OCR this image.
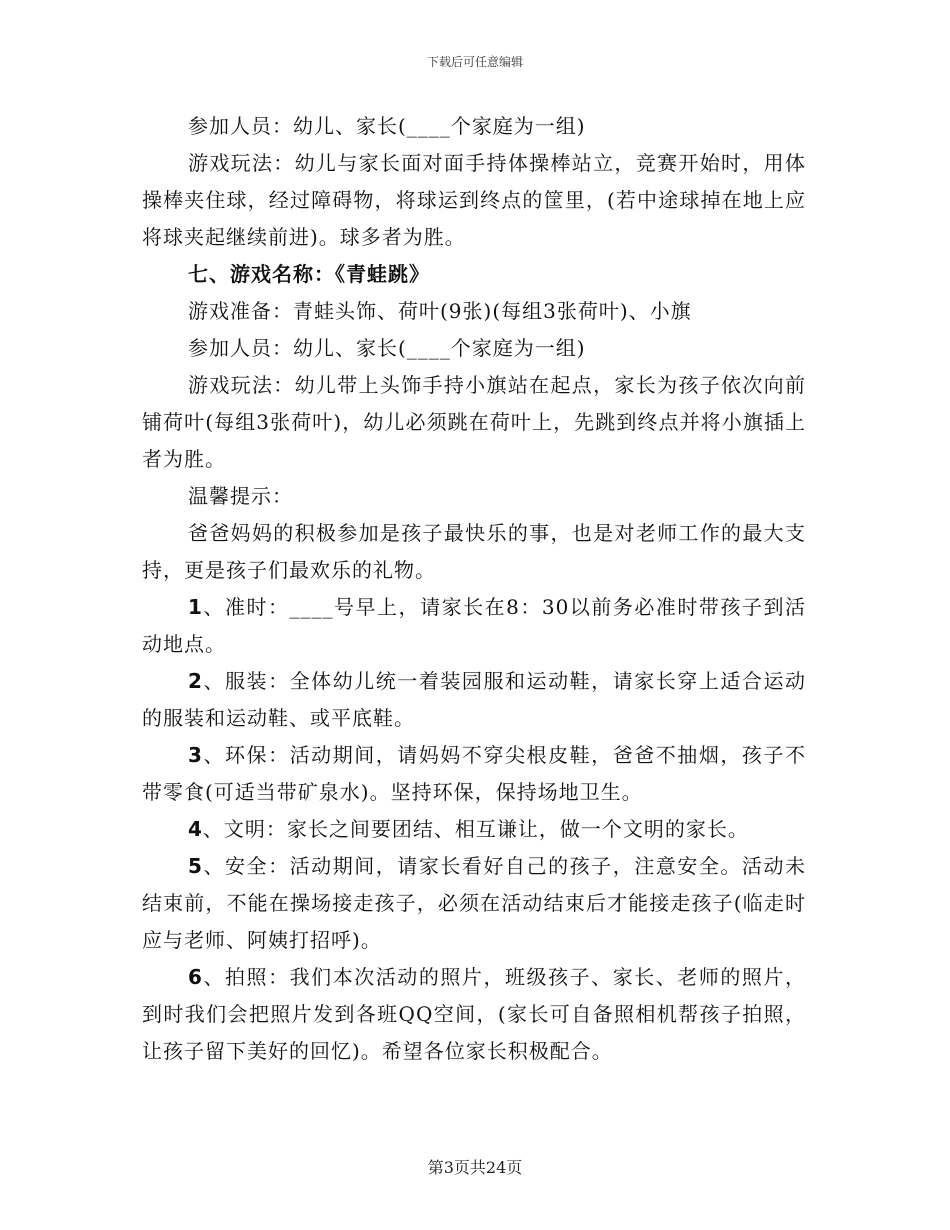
下载后可任意编辑

参加人员：幼儿、家长(____个家庭为一组)

游戏玩法：幼儿与家长面对面手持体操棒站立，竞赛开始时，用体操棒夹住球，经过障碍物，将球运到终点的筐里，(若中途球掉在地上应将球夹起继续前进)。球多者为胜。

七、游戏名称：《青蛙跳》

游戏准备：青蛙头饰、荷叶(9张)(每组3张荷叶)、小旗

参加人员：幼儿、家长(____个家庭为一组)

游戏玩法：幼儿带上头饰手持小旗站在起点，家长为孩子依次向前铺荷叶(每组3张荷叶)，幼儿必须跳在荷叶上，先跳到终点并将小旗插上者为胜。

温馨提示：

爸爸妈妈的积极参加是孩子最快乐的事，也是对老师工作的最大支持，更是孩子们最欢乐的礼物。

1、准时：____号早上，请家长在8：30以前务必准时带孩子到活动地点。

2、服装：全体幼儿统一着装园服和运动鞋，请家长穿上适合运动的服装和运动鞋、或平底鞋。

3、环保：活动期间，请妈妈不穿尖根皮鞋，爸爸不抽烟，孩子不带零食(可适当带矿泉水)。坚持环保，保持场地卫生。

4、文明：家长之间要团结、相互谦让，做一个文明的家长。

5、安全：活动期间，请家长看好自己的孩子，注意安全。活动未结束前，不能在操场接走孩子，必须在活动结束后才能接走孩子(临走时应与老师、阿姨打招呼)。

6、拍照：我们本次活动的照片，班级孩子、家长、老师的照片，到时我们会把照片发到各班QQ空间，(家长可自备照相机帮孩子拍照，让孩子留下美好的回忆)。希望各位家长积极配合。

第3页共24页
